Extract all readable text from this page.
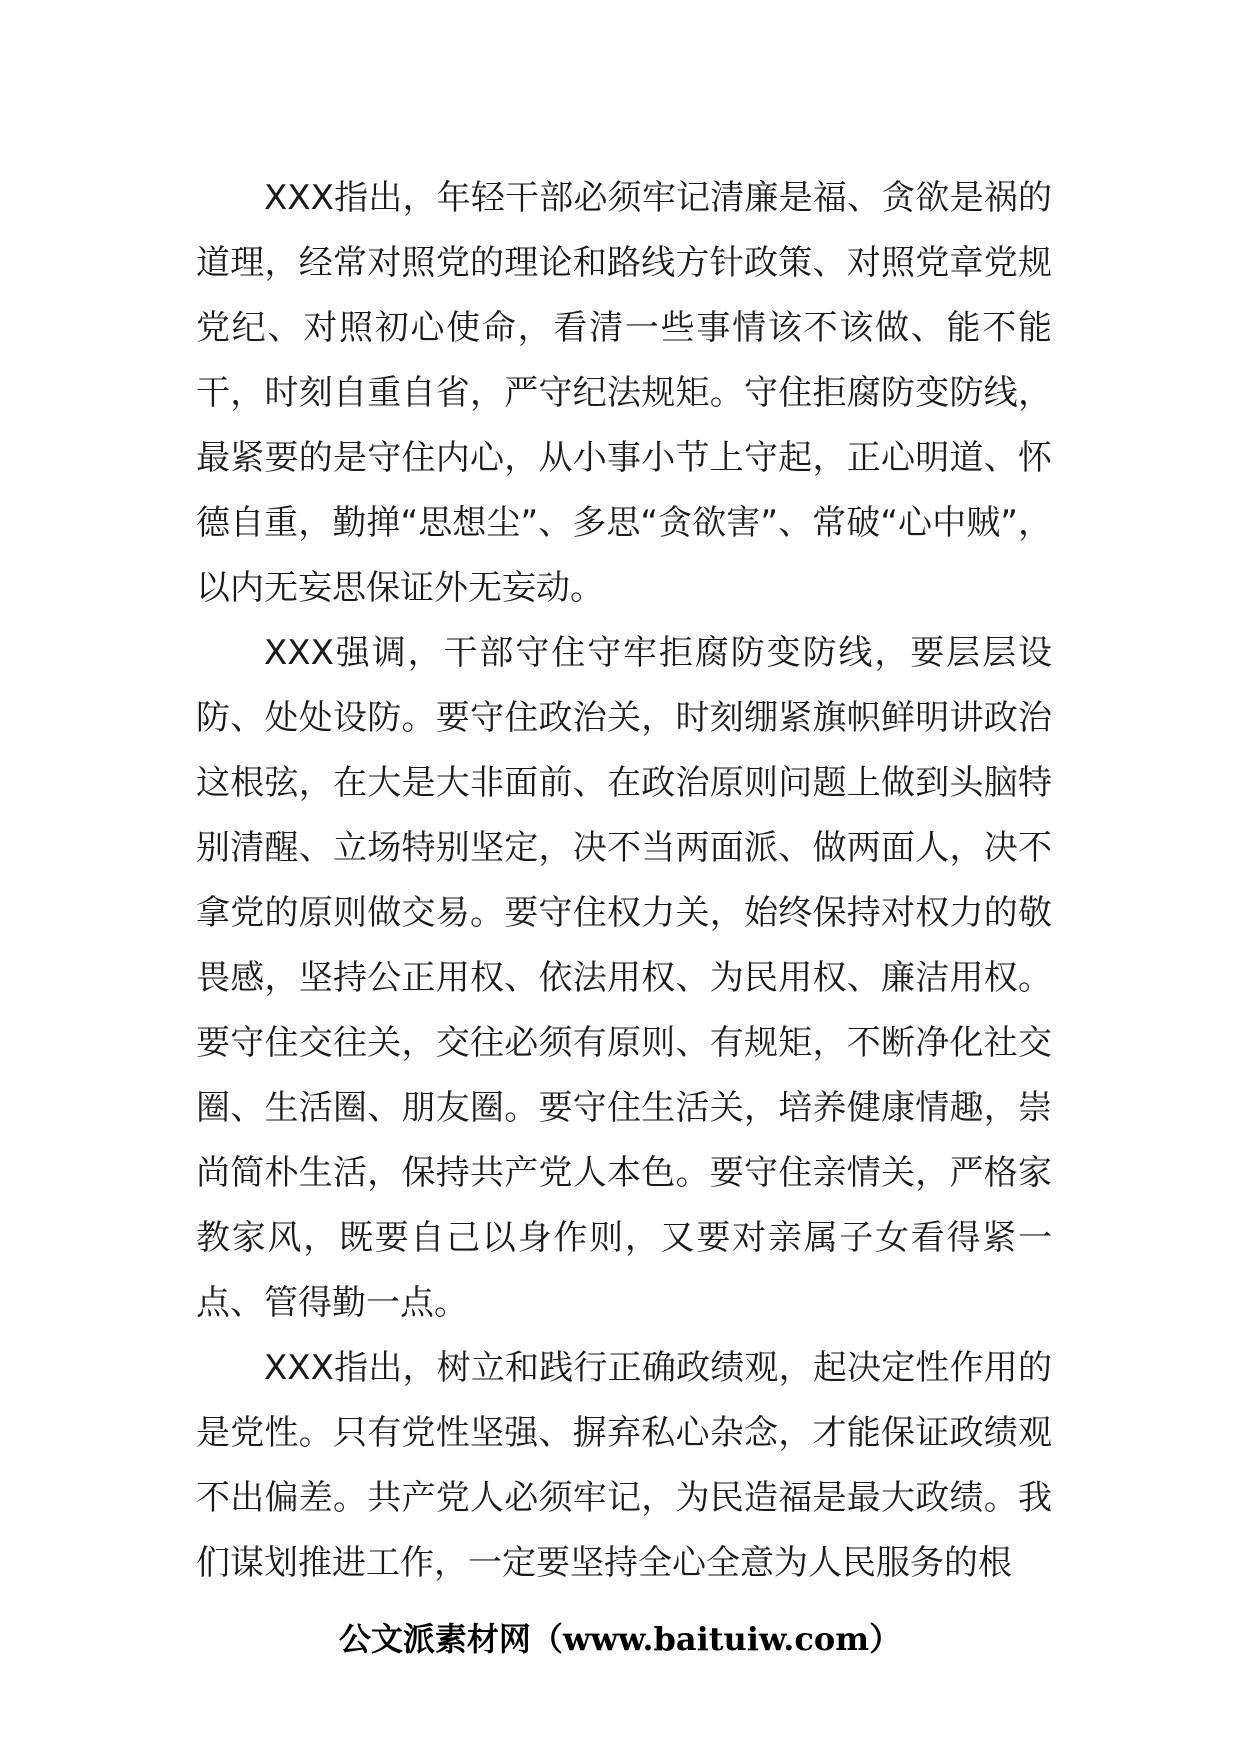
XXX指出，年轻干部必须牢记清廉是福、贪欲是祸的道理，经常对照党的理论和路线方针政策、对照党章党规党纪、对照初心使命，看清一些事情该不该做、能不能干，时刻自重自省，严守纪法规矩。守住拒腐防变防线，最紧要的是守住内心，从小事小节上守起，正心明道、怀德自重，勤掸“思想尘”、多思“贪欲害”、常破“心中贼”，以内无妄思保证外无妄动。

XXX强调，干部守住守牢拒腐防变防线，要层层设防、处处设防。要守住政治关，时刻绷紧旗帜鲜明讲政治这根弦，在大是大非面前、在政治原则问题上做到头脑特别清醒、立场特别坚定，决不当两面派、做两面人，决不拿党的原则做交易。要守住权力关，始终保持对权力的敬畏感，坚持公正用权、依法用权、为民用权、廉洁用权。要守住交往关，交往必须有原则、有规矩，不断净化社交圈、生活圈、朋友圈。要守住生活关，培养健康情趣，崇尚简朴生活，保持共产党人本色。要守住亲情关，严格家教家风，既要自己以身作则，又要对亲属子女看得紧一点、管得勤一点。

XXX指出，树立和践行正确政绩观，起决定性作用的是党性。只有党性坚强、摒弃私心杂念，才能保证政绩观不出偏差。共产党人必须牢记，为民造福是最大政绩。我们谋划推进工作，一定要坚持全心全意为人民服务的根

公文派素材网（www.baituiw.com）
